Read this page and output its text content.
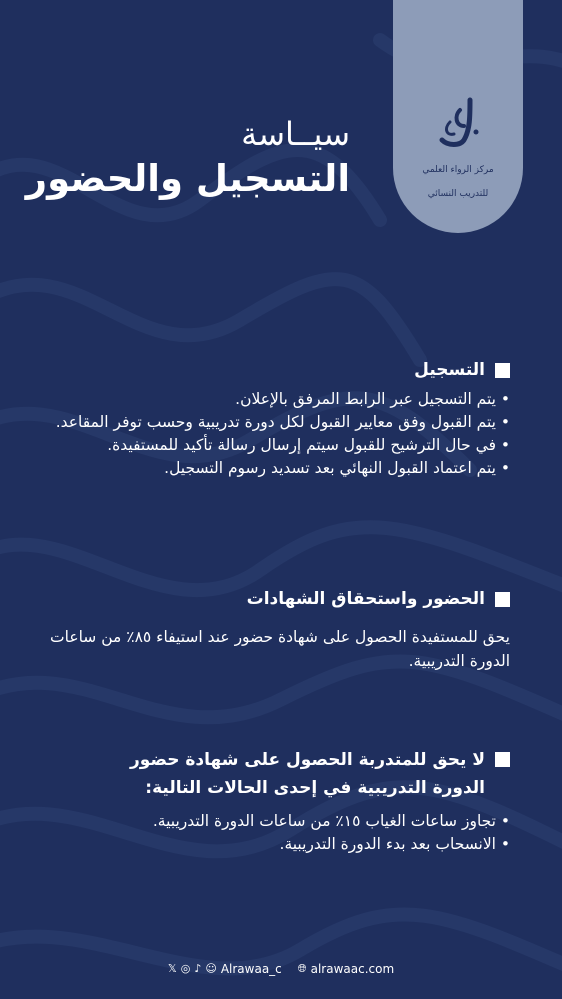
مركز الرواء العلمي

للتدريب النسائي

سيــاسة

التسجيل والحضور

التسجيل
• يتم التسجيل عبر الرابط المرفق بالإعلان.
• يتم القبول وفق معايير القبول لكل دورة تدريبية وحسب توفر المقاعد.
• في حال الترشيح للقبول سيتم إرسال رسالة تأكيد للمستفيدة.
• يتم اعتماد القبول النهائي بعد تسديد رسوم التسجيل.
الحضور واستحقاق الشهادات

يحق للمستفيدة الحصول على شهادة حضور عند استيفاء ٨٥٪ من ساعات الدورة التدريبية.

لا يحق للمتدربة الحصول على شهادة حضور الدورة التدريبية في إحدى الحالات التالية:
• تجاوز ساعات الغياب ١٥٪ من ساعات الدورة التدريبية.
• الانسحاب بعد بدء الدورة التدريبية.
𝕏 ◎ ♪ ☺ Alrawaa_c 🌐︎ alrawaac.com
